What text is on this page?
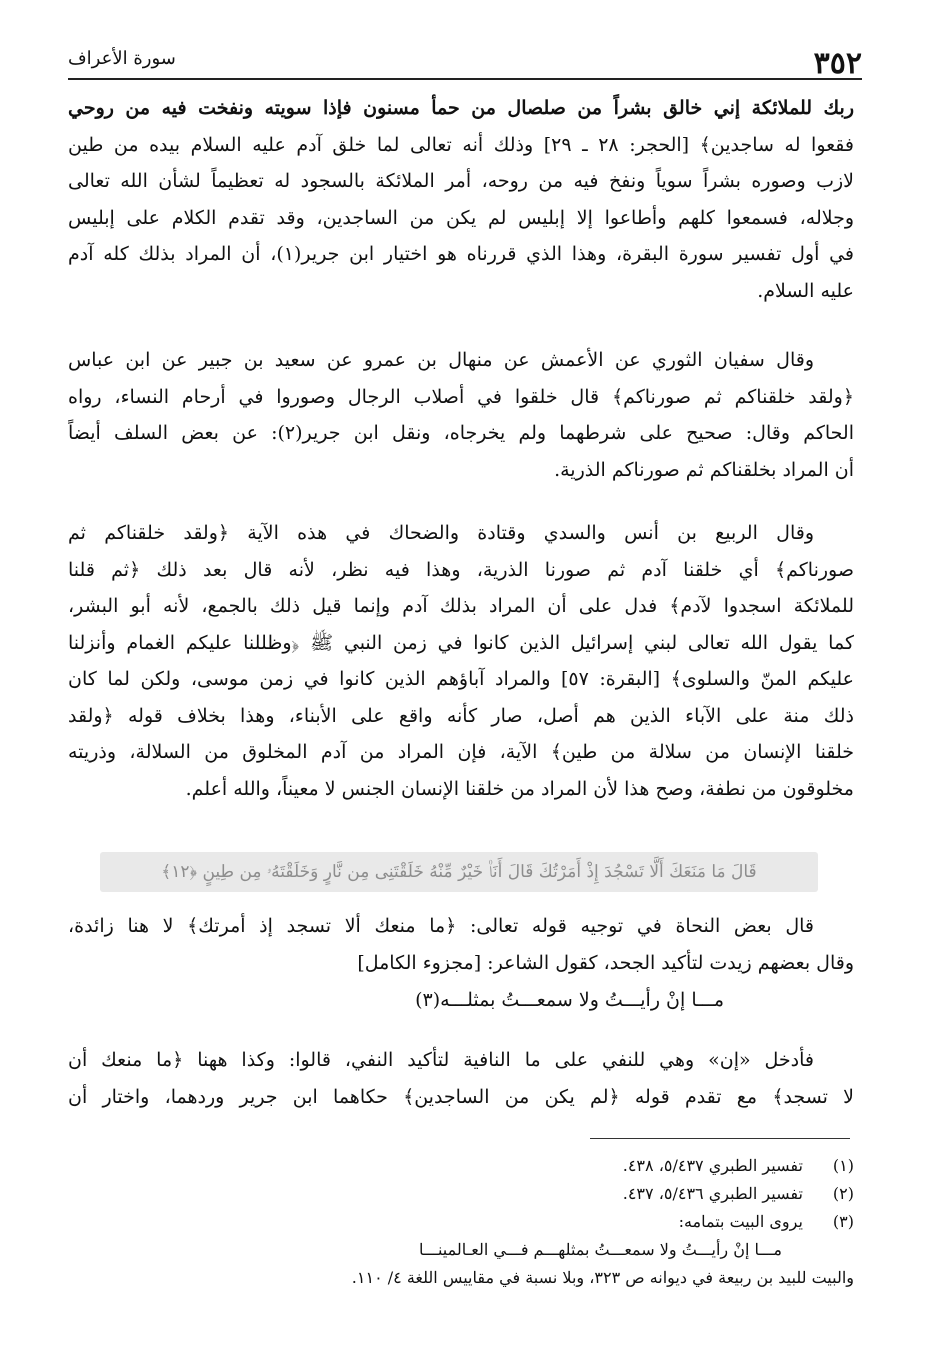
٣٥٢
سورة الأعراف
ربك للملائكة إني خالق بشراً من صلصال من حمأ مسنون فإذا سويته ونفخت فيه من روحي
فقعوا له ساجدين﴾ [الحجر: ٢٨ ـ ٢٩] وذلك أنه تعالى لما خلق آدم عليه السلام بيده من طين
لازب وصوره بشراً سوياً ونفخ فيه من روحه، أمر الملائكة بالسجود له تعظيماً لشأن الله تعالى
وجلاله، فسمعوا كلهم وأطاعوا إلا إبليس لم يكن من الساجدين، وقد تقدم الكلام على إبليس
في أول تفسير سورة البقرة، وهذا الذي قررناه هو اختيار ابن جرير(١)، أن المراد بذلك كله آدم
عليه السلام.
وقال سفيان الثوري عن الأعمش عن منهال بن عمرو عن سعيد بن جبير عن ابن عباس
﴿ولقد خلقناكم ثم صورناكم﴾ قال خلقوا في أصلاب الرجال وصوروا في أرحام النساء، رواه
الحاكم وقال: صحيح على شرطهما ولم يخرجاه، ونقل ابن جرير(٢): عن بعض السلف أيضاً
أن المراد بخلقناكم ثم صورناكم الذرية.
وقال الربيع بن أنس والسدي وقتادة والضحاك في هذه الآية ﴿ولقد خلقناكم ثم
صورناكم﴾ أي خلقنا آدم ثم صورنا الذرية، وهذا فيه نظر، لأنه قال بعد ذلك ﴿ثم قلنا
للملائكة اسجدوا لآدم﴾ فدل على أن المراد بذلك آدم وإنما قيل ذلك بالجمع، لأنه أبو البشر،
كما يقول الله تعالى لبني إسرائيل الذين كانوا في زمن النبي ﷺ ﴿وظللنا عليكم الغمام وأنزلنا
عليكم المنّ والسلوى﴾ [البقرة: ٥٧] والمراد آباؤهم الذين كانوا في زمن موسى، ولكن لما كان
ذلك منة على الآباء الذين هم أصل، صار كأنه واقع على الأبناء، وهذا بخلاف قوله ﴿ولقد
خلقنا الإنسان من سلالة من طين﴾ الآية، فإن المراد من آدم المخلوق من السلالة، وذريته
مخلوقون من نطفة، وصح هذا لأن المراد من خلقنا الإنسان الجنس لا معيناً، والله أعلم.
قَالَ مَا مَنَعَكَ أَلَّا تَسْجُدَ إِذْ أَمَرْتُكَ قَالَ أَنَا۠ خَيْرٌ مِّنْهُ خَلَقْتَنِى مِن نَّارٍ وَخَلَقْتَهُۥ مِن طِينٍ ﴿١٢﴾
قال بعض النحاة في توجيه قوله تعالى: ﴿ما منعك ألا تسجد إذ أمرتك﴾ لا هنا زائدة،
وقال بعضهم زيدت لتأكيد الجحد، كقول الشاعر: [مجزوء الكامل]
مـــا إنْ رأيـــتُ ولا سمعـــتُ بمثلـــه(٣)
فأدخل «إن» وهي للنفي على ما النافية لتأكيد النفي، قالوا: وكذا ههنا ﴿ما منعك أن
لا تسجد﴾ مع تقدم قوله ﴿لم يكن من الساجدين﴾ حكاهما ابن جرير وردهما، واختار أن
(١) تفسير الطبري ٥/٤٣٧، ٤٣٨.
(٢) تفسير الطبري ٥/٤٣٦، ٤٣٧.
(٣) يروى البيت بتمامه:
مـــا إنْ رأيـــتُ ولا سمعـــتُ بمثلهـــم فـــي العـالمينـــا
والبيت للبيد بن ربيعة في ديوانه ص ٣٢٣، وبلا نسبة في مقاييس اللغة ٤/ ١١٠.
